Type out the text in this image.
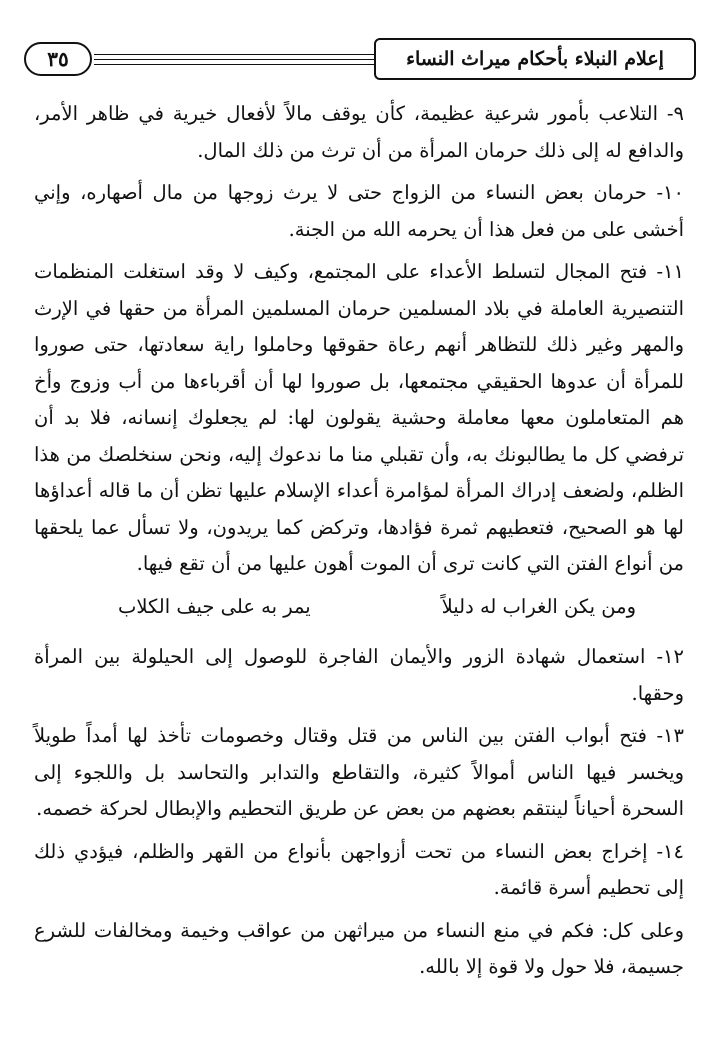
٣٥	إعلام النبلاء بأحكام ميراث النساء

٩- التلاعب بأمور شرعية عظيمة، كأن يوقف مالاً لأفعال خيرية في ظاهر الأمر، والدافع له إلى ذلك حرمان المرأة من أن ترث من ذلك المال.

١٠- حرمان بعض النساء من الزواج حتى لا يرث زوجها من مال أصهاره، وإني أخشى على من فعل هذا أن يحرمه الله من الجنة.

١١- فتح المجال لتسلط الأعداء على المجتمع، وكيف لا وقد استغلت المنظمات التنصيرية العاملة في بلاد المسلمين حرمان المسلمين المرأة من حقها في الإرث والمهر وغير ذلك للتظاهر أنهم رعاة حقوقها وحاملوا راية سعادتها، حتى صوروا للمرأة أن عدوها الحقيقي مجتمعها، بل صوروا لها أن أقرباءها من أب وزوج وأخ هم المتعاملون معها معاملة وحشية يقولون لها: لم يجعلوك إنسانه، فلا بد أن ترفضي كل ما يطالبونك به، وأن تقبلي منا ما ندعوك إليه، ونحن سنخلصك من هذا الظلم، ولضعف إدراك المرأة لمؤامرة أعداء الإسلام عليها تظن أن ما قاله أعداؤها لها هو الصحيح، فتعطيهم ثمرة فؤادها، وتركض كما يريدون، ولا تسأل عما يلحقها من أنواع الفتن التي كانت ترى أن الموت أهون عليها من أن تقع فيها.

ومن يكن الغراب له دليلاً
يمر به على جيف الكلاب

١٢- استعمال شهادة الزور والأيمان الفاجرة للوصول إلى الحيلولة بين المرأة وحقها.

١٣- فتح أبواب الفتن بين الناس من قتل وقتال وخصومات تأخذ لها أمداً طويلاً ويخسر فيها الناس أموالاً كثيرة، والتقاطع والتدابر والتحاسد بل واللجوء إلى السحرة أحياناً لينتقم بعضهم من بعض عن طريق التحطيم والإبطال لحركة خصمه.

١٤- إخراج بعض النساء من تحت أزواجهن بأنواع من القهر والظلم، فيؤدي ذلك إلى تحطيم أسرة قائمة.

وعلى كل: فكم في منع النساء من ميراثهن من عواقب وخيمة ومخالفات للشرع جسيمة، فلا حول ولا قوة إلا بالله.
